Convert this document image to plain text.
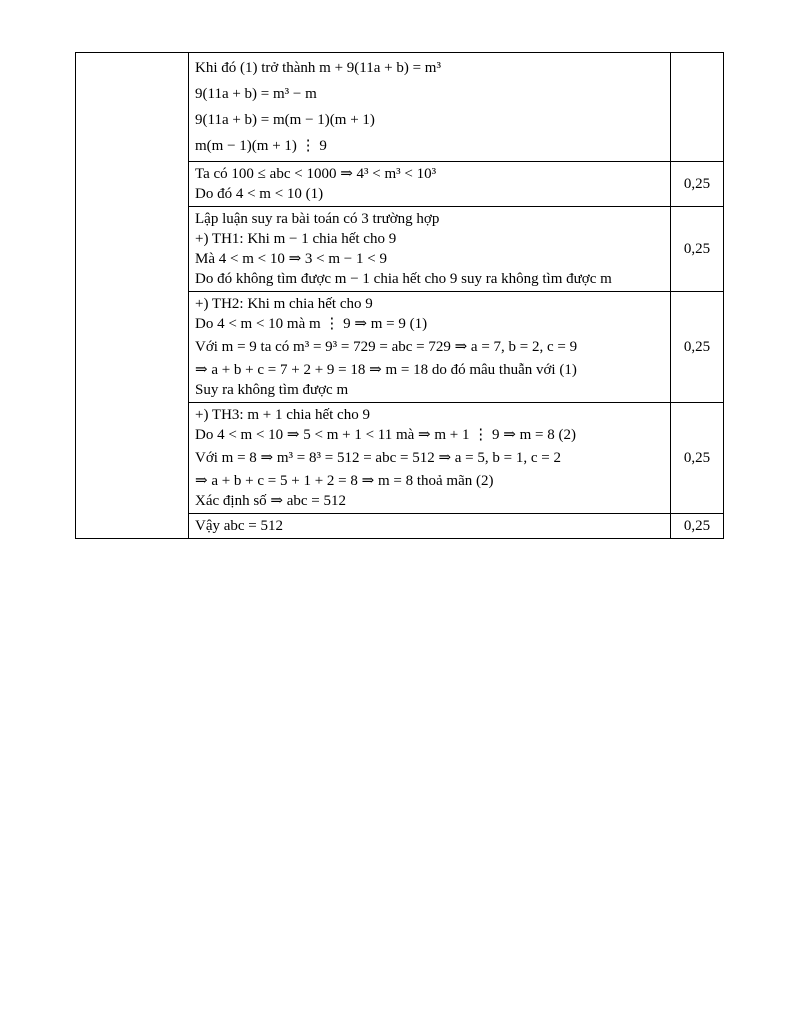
	Khi đó (1) trở thành m + 9(11a + b) = m³
9(11a + b) = m³ − m
9(11a + b) = m(m − 1)(m + 1)
m(m − 1)(m + 1) ⋮ 9	

	Ta có 100 ≤ abc < 1000 ⇒ 4³ < m³ < 10³
Do đó 4 < m < 10 (1)	0,25

	Lập luận suy ra bài toán có 3 trường hợp
+) TH1: Khi m − 1 chia hết cho 9
Mà 4 < m < 10 ⇒ 3 < m − 1 < 9
Do đó không tìm được m − 1 chia hết cho 9 suy ra không tìm được m	0,25

	+) TH2: Khi m chia hết cho 9
Do 4 < m < 10 mà m ⋮ 9 ⇒ m = 9 (1)
Với m = 9 ta có m³ = 9³ = 729 = abc = 729 ⇒ a = 7, b = 2, c = 9
⇒ a + b + c = 7 + 2 + 9 = 18 ⇒ m = 18 do đó mâu thuẫn với (1)
Suy ra không tìm được m	0,25

	+) TH3: m + 1 chia hết cho 9
Do 4 < m < 10 ⇒ 5 < m + 1 < 11 mà ⇒ m + 1 ⋮ 9 ⇒ m = 8 (2)
Với m = 8 ⇒ m³ = 8³ = 512 = abc = 512 ⇒ a = 5, b = 1, c = 2
⇒ a + b + c = 5 + 1 + 2 = 8 ⇒ m = 8 thoả mãn (2)
Xác định số ⇒ abc = 512	0,25

	Vậy abc = 512	0,25
